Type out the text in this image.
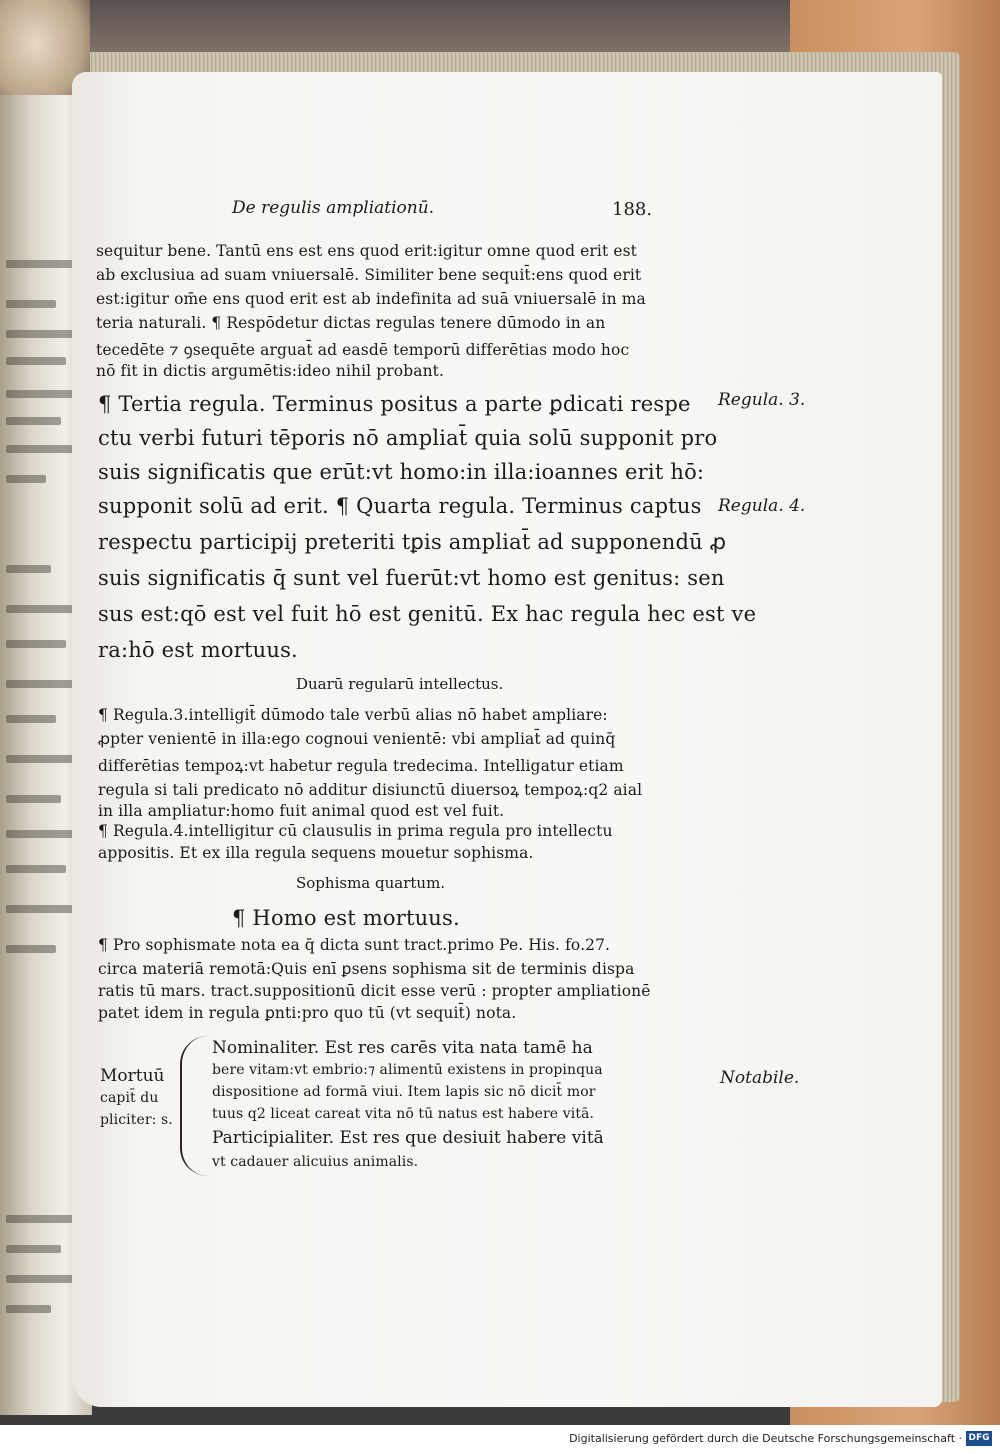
De regulis ampliationū.	188.
sequitur bene. Tantū ens est ens quod erit:igitur omne quod erit est
ab exclusiua ad suam vniuersalē. Similiter bene sequit̄:ens quod erit
est:igitur om̄e ens quod erit est ab indefinita ad suā vniuersalē in ma
teria naturali. ¶ Respōdetur dictas regulas tenere dūmodo in an
tecedēte ⁊ ꝯsequēte arguat̄ ad easdē temporū differētias modo hoc
nō fit in dictis argumētis:ideo nihil probant.
¶ Tertia regula. Terminus positus a parte ꝑdicati respe
ctu verbi futuri tēporis nō ampliat̄ quia solū supponit pro
suis significatis que erūt:vt homo:in illa:ioannes erit hō:
supponit solū ad erit. ¶ Quarta regula. Terminus captus
respectu participij preteriti tꝑis ampliat̄ ad supponendū ꝓ
suis significatis q̄ sunt vel fuerūt:vt homo est genitus: sen
sus est:qō est vel fuit hō est genitū. Ex hac regula hec est ve
ra:hō est mortuus.
Duarū regularū intellectus.
¶ Regula.3.intelligit̄ dūmodo tale verbū alias nō habet ampliare:
ꝓpter venientē in illa:ego cognoui venientē: vbi ampliat̄ ad quinq̄
differētias tempoꝝ:vt habetur regula tredecima. Intelligatur etiam
regula si tali predicato nō additur disiunctū diuersoꝝ tempoꝝ:q2 aial
in illa ampliatur:homo fuit animal quod est vel fuit.
¶ Regula.4.intelligitur cū clausulis in prima regula pro intellectu
appositis. Et ex illa regula sequens mouetur sophisma.
Sophisma quartum.
¶ Homo est mortuus.
¶ Pro sophismate nota ea q̄ dicta sunt tract.primo Pe. His. fo.27.
circa materiā remotā:Quis enī ꝑsens sophisma sit de terminis dispa
ratis tū mars. tract.suppositionū dicit esse verū : propter ampliationē
patet idem in regula ꝑnti:pro quo tū (vt sequit̄) nota.
Mortuū
capit̄ du
pliciter: s.
Nominaliter. Est res carēs vita nata tamē ha
bere vitam:vt embrio:⁊ alimentū existens in propinqua
dispositione ad formā viui. Item lapis sic nō dicit̄ mor
tuus q2 liceat careat vita nō tū natus est habere vitā.
Participialiter. Est res que desiuit habere vitā
vt cadauer alicuius animalis.
Regula. 3.
Regula. 4.
Notabile.
Digitalisierung gefördert durch die Deutsche Forschungsgemeinschaft · DFG
